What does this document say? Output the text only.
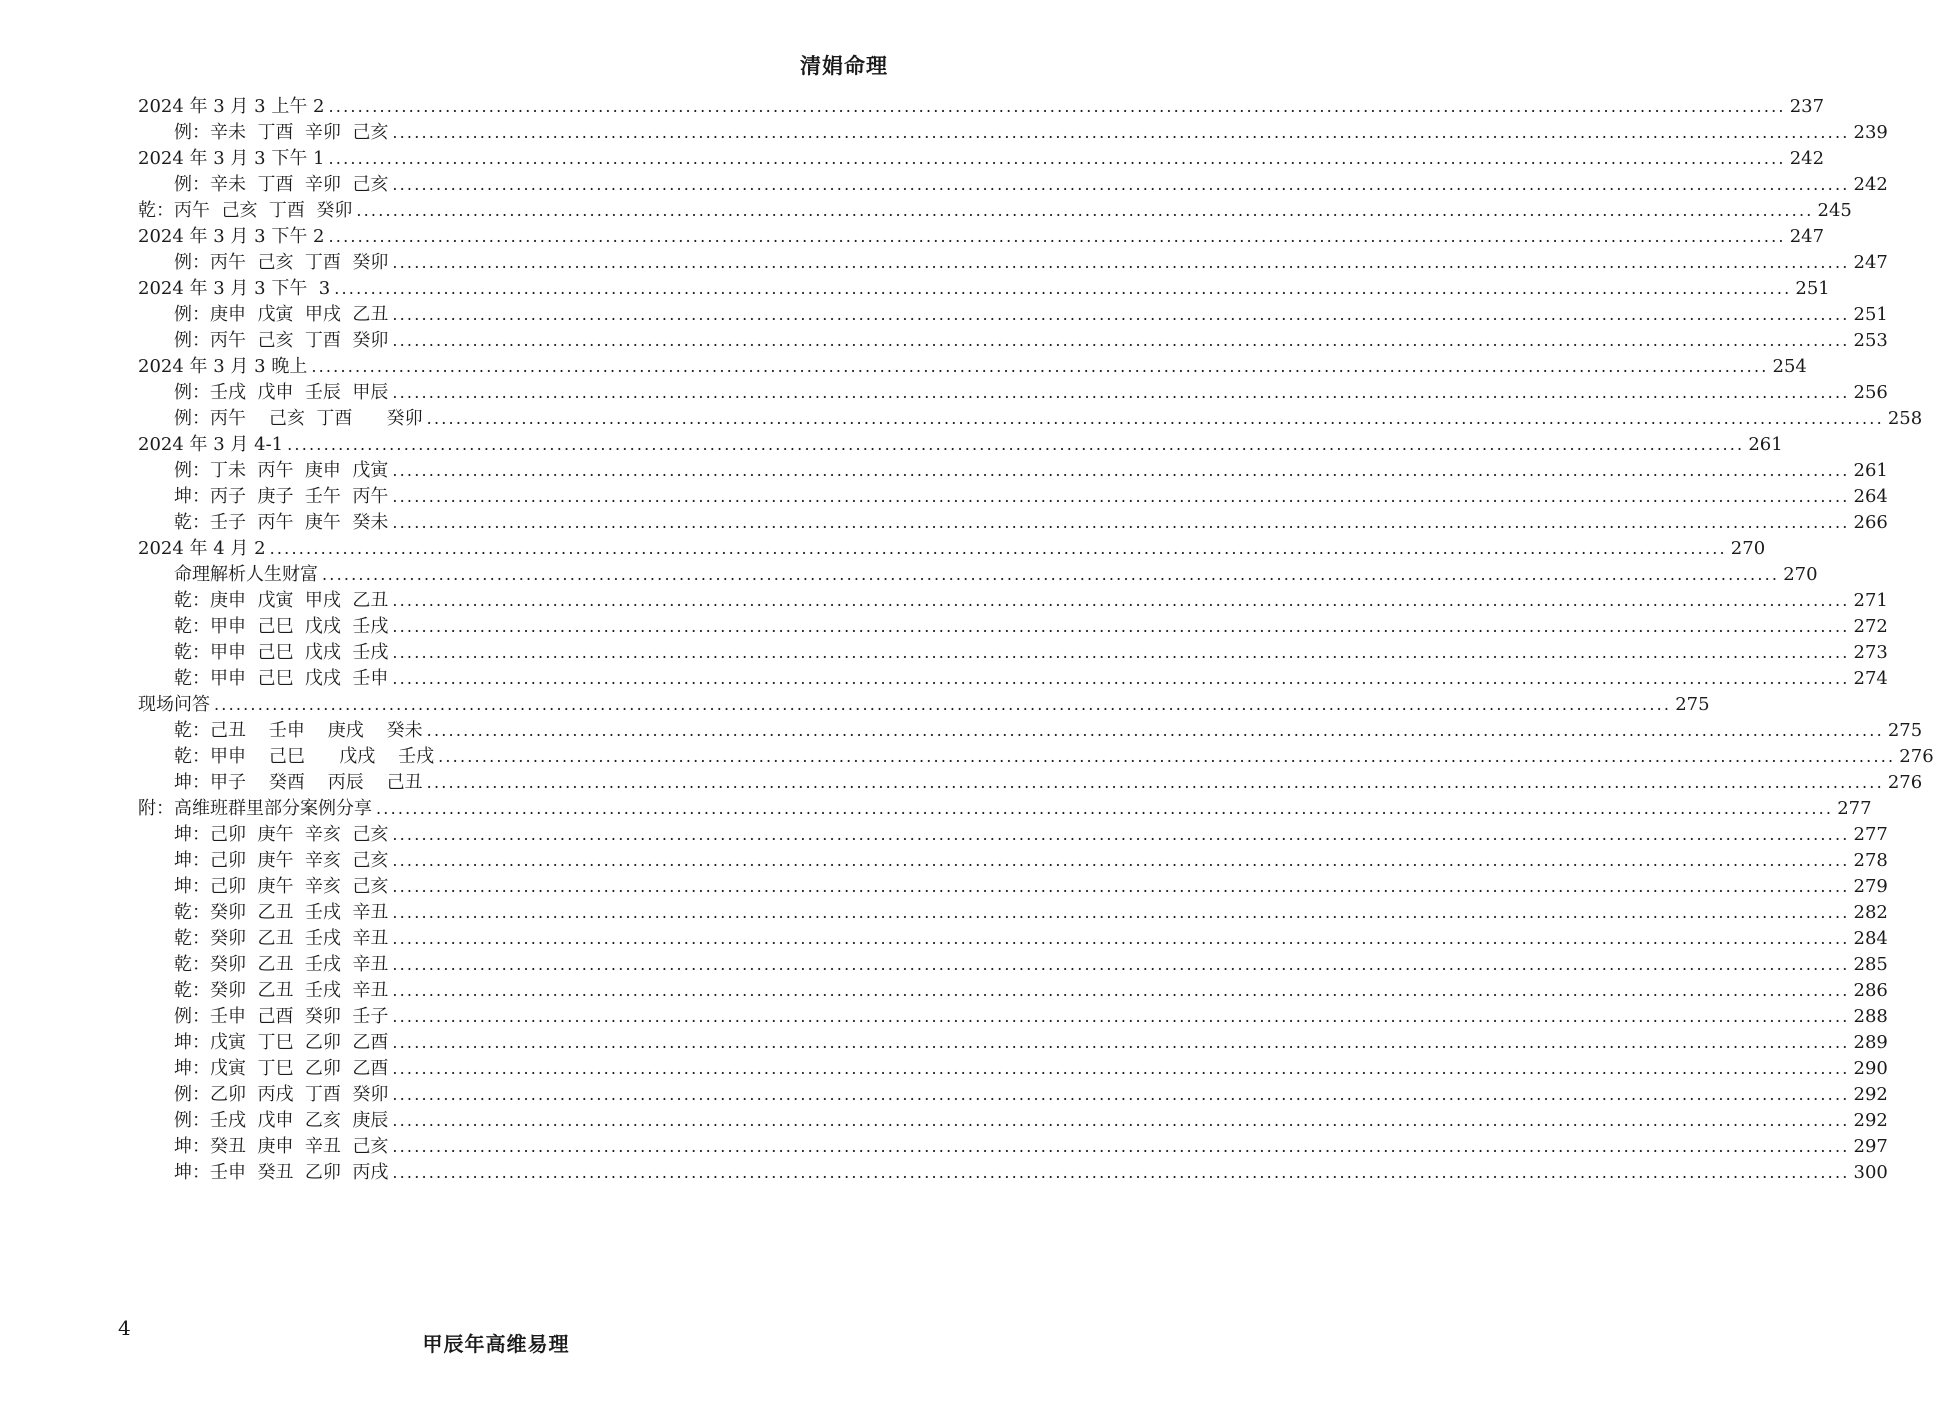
清娟命理
2024 年 3 月 3 上午 2 ........................................................................................................................................................................................................ 237
例：辛未  丁酉  辛卯  己亥 ........................................................................................................................................................................................................ 239
2024 年 3 月 3 下午 1 ........................................................................................................................................................................................................ 242
例：辛未  丁酉  辛卯  己亥 ........................................................................................................................................................................................................ 242
乾：丙午  己亥  丁酉  癸卯 ........................................................................................................................................................................................................ 245
2024 年 3 月 3 下午 2 ........................................................................................................................................................................................................ 247
例：丙午  己亥  丁酉  癸卯 ........................................................................................................................................................................................................ 247
2024 年 3 月 3 下午  3 ........................................................................................................................................................................................................ 251
例：庚申  戊寅  甲戌  乙丑 ........................................................................................................................................................................................................ 251
例：丙午  己亥  丁酉  癸卯 ........................................................................................................................................................................................................ 253
2024 年 3 月 3 晚上 ........................................................................................................................................................................................................ 254
例：壬戌  戊申  壬辰  甲辰 ........................................................................................................................................................................................................ 256
例：丙午    己亥  丁酉      癸卯 ........................................................................................................................................................................................................ 258
2024 年 3 月 4-1 ........................................................................................................................................................................................................ 261
例：丁未  丙午  庚申  戊寅 ........................................................................................................................................................................................................ 261
坤：丙子  庚子  壬午  丙午 ........................................................................................................................................................................................................ 264
乾：壬子  丙午  庚午  癸未 ........................................................................................................................................................................................................ 266
2024 年 4 月 2 ........................................................................................................................................................................................................ 270
命理解析人生财富 ........................................................................................................................................................................................................ 270
乾：庚申  戊寅  甲戌  乙丑 ........................................................................................................................................................................................................ 271
乾：甲申  己巳  戊戌  壬戌 ........................................................................................................................................................................................................ 272
乾：甲申  己巳  戊戌  壬戌 ........................................................................................................................................................................................................ 273
乾：甲申  己巳  戊戌  壬申 ........................................................................................................................................................................................................ 274
现场问答 ........................................................................................................................................................................................................ 275
乾：己丑    壬申    庚戌    癸未 ........................................................................................................................................................................................................ 275
乾：甲申    己巳      戊戌    壬戌 ........................................................................................................................................................................................................ 276
坤：甲子    癸酉    丙辰    己丑 ........................................................................................................................................................................................................ 276
附：高维班群里部分案例分享 ........................................................................................................................................................................................................ 277
坤：己卯  庚午  辛亥  己亥 ........................................................................................................................................................................................................ 277
坤：己卯  庚午  辛亥  己亥 ........................................................................................................................................................................................................ 278
坤：己卯  庚午  辛亥  己亥 ........................................................................................................................................................................................................ 279
乾：癸卯  乙丑  壬戌  辛丑 ........................................................................................................................................................................................................ 282
乾：癸卯  乙丑  壬戌  辛丑 ........................................................................................................................................................................................................ 284
乾：癸卯  乙丑  壬戌  辛丑 ........................................................................................................................................................................................................ 285
乾：癸卯  乙丑  壬戌  辛丑 ........................................................................................................................................................................................................ 286
例：壬申  己酉  癸卯  壬子 ........................................................................................................................................................................................................ 288
坤：戊寅  丁巳  乙卯  乙酉 ........................................................................................................................................................................................................ 289
坤：戊寅  丁巳  乙卯  乙酉 ........................................................................................................................................................................................................ 290
例：乙卯  丙戌  丁酉  癸卯 ........................................................................................................................................................................................................ 292
例：壬戌  戊申  乙亥  庚辰 ........................................................................................................................................................................................................ 292
坤：癸丑  庚申  辛丑  己亥 ........................................................................................................................................................................................................ 297
坤：壬申  癸丑  乙卯  丙戌 ........................................................................................................................................................................................................ 300
4
甲辰年高维易理
